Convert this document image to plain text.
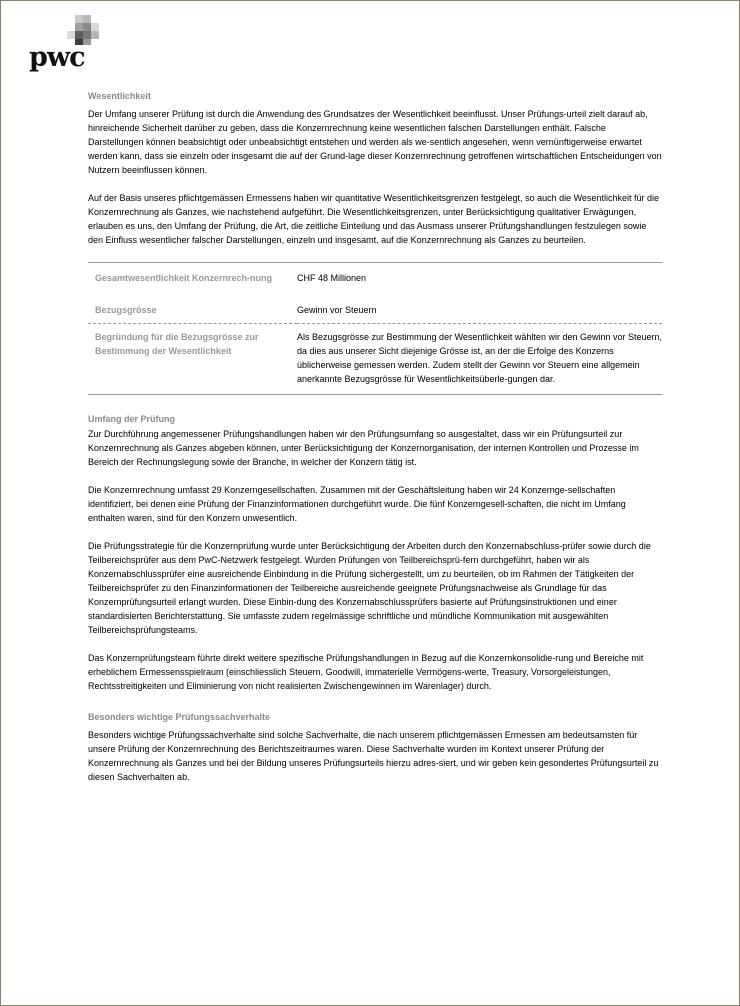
pwc
Wesentlichkeit

Der Umfang unserer Prüfung ist durch die Anwendung des Grundsatzes der Wesentlichkeit beeinflusst. Unser Prüfungs-urteil zielt darauf ab, hinreichende Sicherheit darüber zu geben, dass die Konzernrechnung keine wesentlichen falschen Darstellungen enthält. Falsche Darstellungen können beabsichtigt oder unbeabsichtigt entstehen und werden als we-sentlich angesehen, wenn vernünftigerweise erwartet werden kann, dass sie einzeln oder insgesamt die auf der Grund-lage dieser Konzernrechnung getroffenen wirtschaftlichen Entscheidungen von Nutzern beeinflussen können.

Auf der Basis unseres pflichtgemässen Ermessens haben wir quantitative Wesentlichkeitsgrenzen festgelegt, so auch die Wesentlichkeit für die Konzernrechnung als Ganzes, wie nachstehend aufgeführt. Die Wesentlichkeitsgrenzen, unter Berücksichtigung qualitativer Erwägungen, erlauben es uns, den Umfang der Prüfung, die Art, die zeitliche Einteilung und das Ausmass unserer Prüfungshandlungen festzulegen sowie den Einfluss wesentlicher falscher Darstellungen, einzeln und insgesamt, auf die Konzernrechnung als Ganzes zu beurteilen.

Gesamtwesentlichkeit Konzernrech-nung	CHF 48 Millionen
Bezugsgrösse	Gewinn vor Steuern
Begründung für die Bezugsgrösse zur Bestimmung der Wesentlichkeit	Als Bezugsgrösse zur Bestimmung der Wesentlichkeit wählten wir den Gewinn vor Steuern, da dies aus unserer Sicht diejenige Grösse ist, an der die Erfolge des Konzerns üblicherweise gemessen werden. Zudem stellt der Gewinn vor Steuern eine allgemein anerkannte Bezugsgrösse für Wesentlichkeitsüberle-gungen dar.
Umfang der Prüfung

Zur Durchführung angemessener Prüfungshandlungen haben wir den Prüfungsumfang so ausgestaltet, dass wir ein Prüfungsurteil zur Konzernrechnung als Ganzes abgeben können, unter Berücksichtigung der Konzernorganisation, der internen Kontrollen und Prozesse im Bereich der Rechnungslegung sowie der Branche, in welcher der Konzern tätig ist.

Die Konzernrechnung umfasst 29 Konzerngesellschaften. Zusammen mit der Geschäftsleitung haben wir 24 Konzernge-sellschaften identifiziert, bei denen eine Prüfung der Finanzinformationen durchgeführt wurde. Die fünf Konzerngesell-schaften, die nicht im Umfang enthalten waren, sind für den Konzern unwesentlich.

Die Prüfungsstrategie für die Konzernprüfung wurde unter Berücksichtigung der Arbeiten durch den Konzernabschluss-prüfer sowie durch die Teilbereichsprüfer aus dem PwC-Netzwerk festgelegt. Wurden Prüfungen von Teilbereichsprü-fern durchgeführt, haben wir als Konzernabschlussprüfer eine ausreichende Einbindung in die Prüfung sichergestellt, um zu beurteilen, ob im Rahmen der Tätigkeiten der Teilbereichsprüfer zu den Finanzinformationen der Teilbereiche ausreichende geeignete Prüfungsnachweise als Grundlage für das Konzernprüfungsurteil erlangt wurden. Diese Einbin-dung des Konzernabschlussprüfers basierte auf Prüfungsinstruktionen und einer standardisierten Berichterstattung. Sie umfasste zudem regelmässige schriftliche und mündliche Kommunikation mit ausgewählten Teilbereichsprüfungsteams.

Das Konzernprüfungsteam führte direkt weitere spezifische Prüfungshandlungen in Bezug auf die Konzernkonsolidie-rung und Bereiche mit erheblichem Ermessensspielraum (einschliesslich Steuern, Goodwill, immaterielle Vermögens-werte, Treasury, Vorsorgeleistungen, Rechtsstreitigkeiten und Eliminierung von nicht realisierten Zwischengewinnen im Warenlager) durch.

Besonders wichtige Prüfungssachverhalte

Besonders wichtige Prüfungssachverhalte sind solche Sachverhalte, die nach unserem pflichtgemässen Ermessen am bedeutsamsten für unsere Prüfung der Konzernrechnung des Berichtszeitraumes waren. Diese Sachverhalte wurden im Kontext unserer Prüfung der Konzernrechnung als Ganzes und bei der Bildung unseres Prüfungsurteils hierzu adres-siert, und wir geben kein gesondertes Prüfungsurteil zu diesen Sachverhalten ab.
